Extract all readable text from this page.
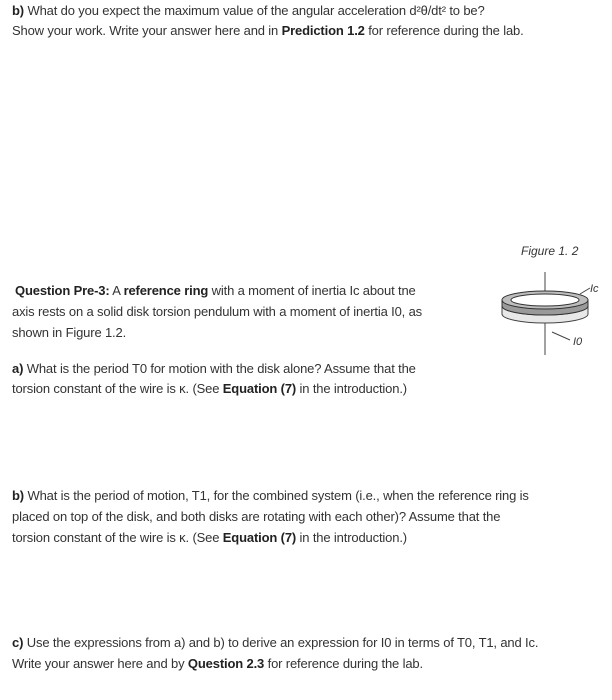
b) What do you expect the maximum value of the angular acceleration d²θ/dt² to be?
Show your work. Write your answer here and in Prediction 1.2 for reference during the lab.
Figure 1. 2
Ic
I0
Question Pre-3: A reference ring with a moment of inertia Ic about tne
axis rests on a solid disk torsion pendulum with a moment of inertia I0, as
shown in Figure 1.2.
a) What is the period T0 for motion with the disk alone? Assume that the
torsion constant of the wire is κ. (See Equation (7) in the introduction.)
b) What is the period of motion, T1, for the combined system (i.e., when the reference ring is
placed on top of the disk, and both disks are rotating with each other)? Assume that the
torsion constant of the wire is κ. (See Equation (7) in the introduction.)
c) Use the expressions from a) and b) to derive an expression for I0 in terms of T0, T1, and Ic.
Write your answer here and by Question 2.3 for reference during the lab.
